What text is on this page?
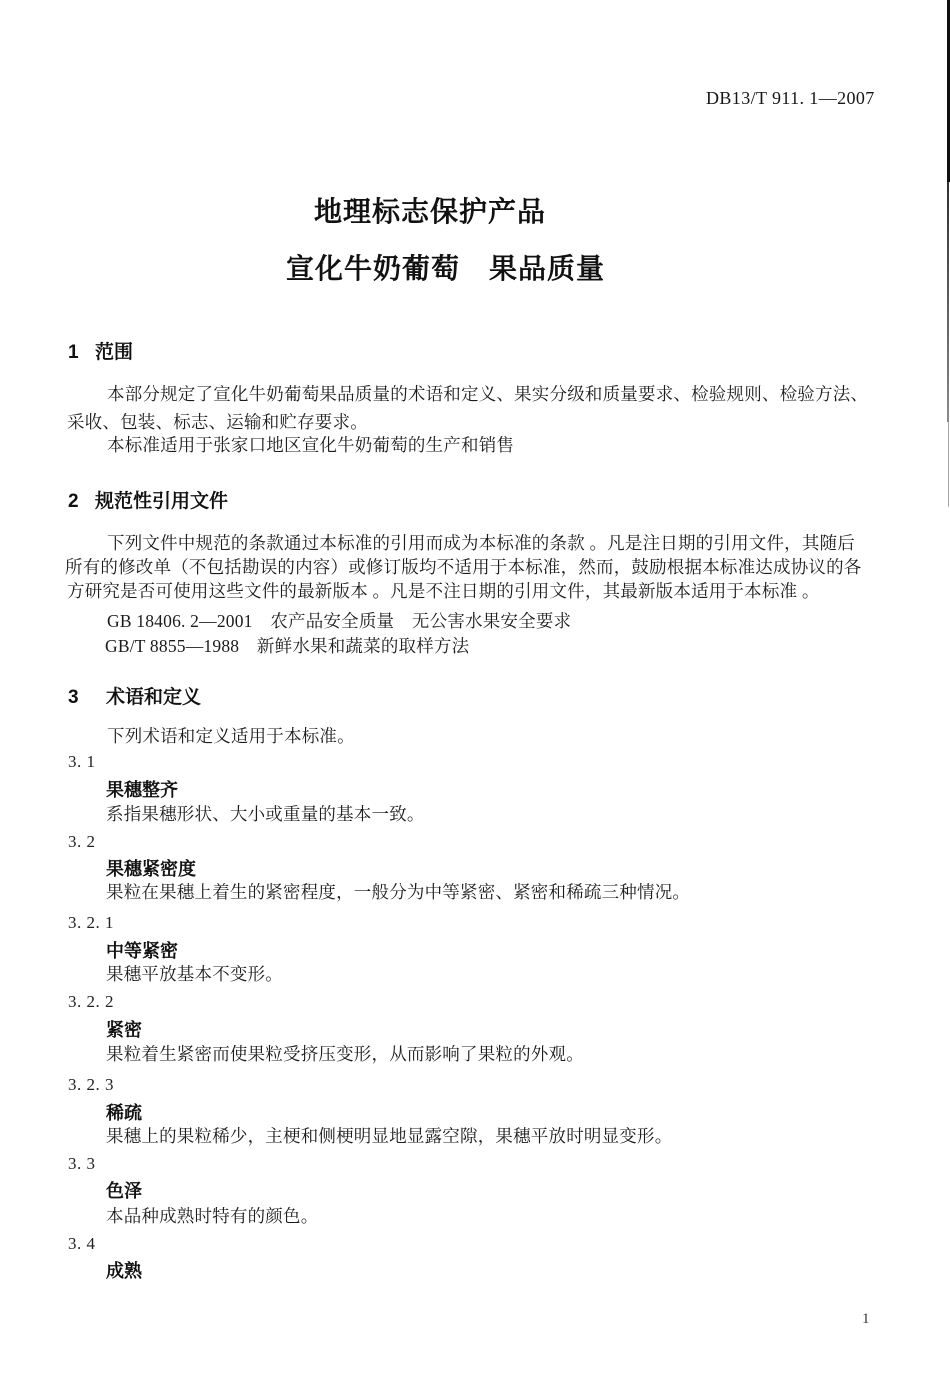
DB13/T 911. 1—2007
地理标志保护产品
宣化牛奶葡萄　果品质量
1 范围
本部分规定了宣化牛奶葡萄果品质量的术语和定义、果实分级和质量要求、检验规则、检验方法、
采收、包装、标志、运输和贮存要求。
本标准适用于张家口地区宣化牛奶葡萄的生产和销售
2 规范性引用文件
下列文件中规范的条款通过本标准的引用而成为本标准的条款 。凡是注日期的引用文件，其随后
所有的修改单（不包括勘误的内容）或修订版均不适用于本标准，然而，鼓励根据本标准达成协议的各
方研究是否可使用这些文件的最新版本 。凡是不注日期的引用文件，其最新版本适用于本标准 。
GB 18406. 2—2001　农产品安全质量　无公害水果安全要求
GB/T 8855—1988　新鲜水果和蔬菜的取样方法
3 术语和定义
下列术语和定义适用于本标准。
3. 1
果穗整齐
系指果穗形状、大小或重量的基本一致。
3. 2
果穗紧密度
果粒在果穗上着生的紧密程度，一般分为中等紧密、紧密和稀疏三种情况。
3. 2. 1
中等紧密
果穗平放基本不变形。
3. 2. 2
紧密
果粒着生紧密而使果粒受挤压变形，从而影响了果粒的外观。
3. 2. 3
稀疏
果穗上的果粒稀少，主梗和侧梗明显地显露空隙，果穗平放时明显变形。
3. 3
色泽
本品种成熟时特有的颜色。
3. 4
成熟
1
